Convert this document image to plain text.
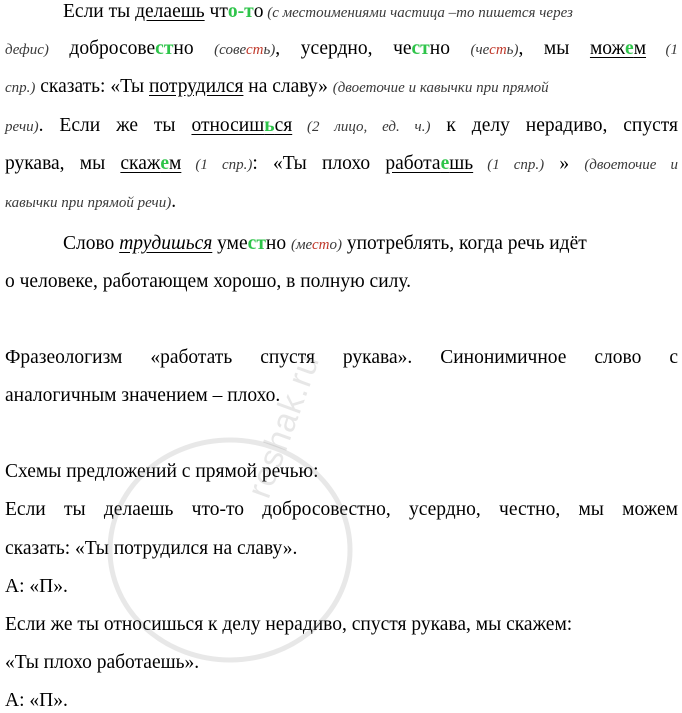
Если ты делаешь что-то (с местоимениями частица –то пишется через
дефис) добросовестно (совесть), усердно, честно (честь), мы можем (1
спр.) сказать: «Ты потрудился на славу» (двоеточие и кавычки при прямой
речи). Если же ты относишься (2 лицо, ед. ч.) к делу нерадиво, спустя
рукава, мы скажем (1 спр.): «Ты плохо работаешь (1 спр.) » (двоеточие и
кавычки при прямой речи).
Слово трудишься уместно (место) употреблять, когда речь идёт
о человеке, работающем хорошо, в полную силу.
Фразеологизм «работать спустя рукава». Синонимичное слово с
аналогичным значением – плохо.
Схемы предложений с прямой речью:
Если ты делаешь что-то добросовестно, усердно, честно, мы можем
сказать: «Ты потрудился на славу».
А: «П».
Если же ты относишься к делу нерадиво, спустя рукава, мы скажем:
«Ты плохо работаешь».
А: «П».
reshak.ru
